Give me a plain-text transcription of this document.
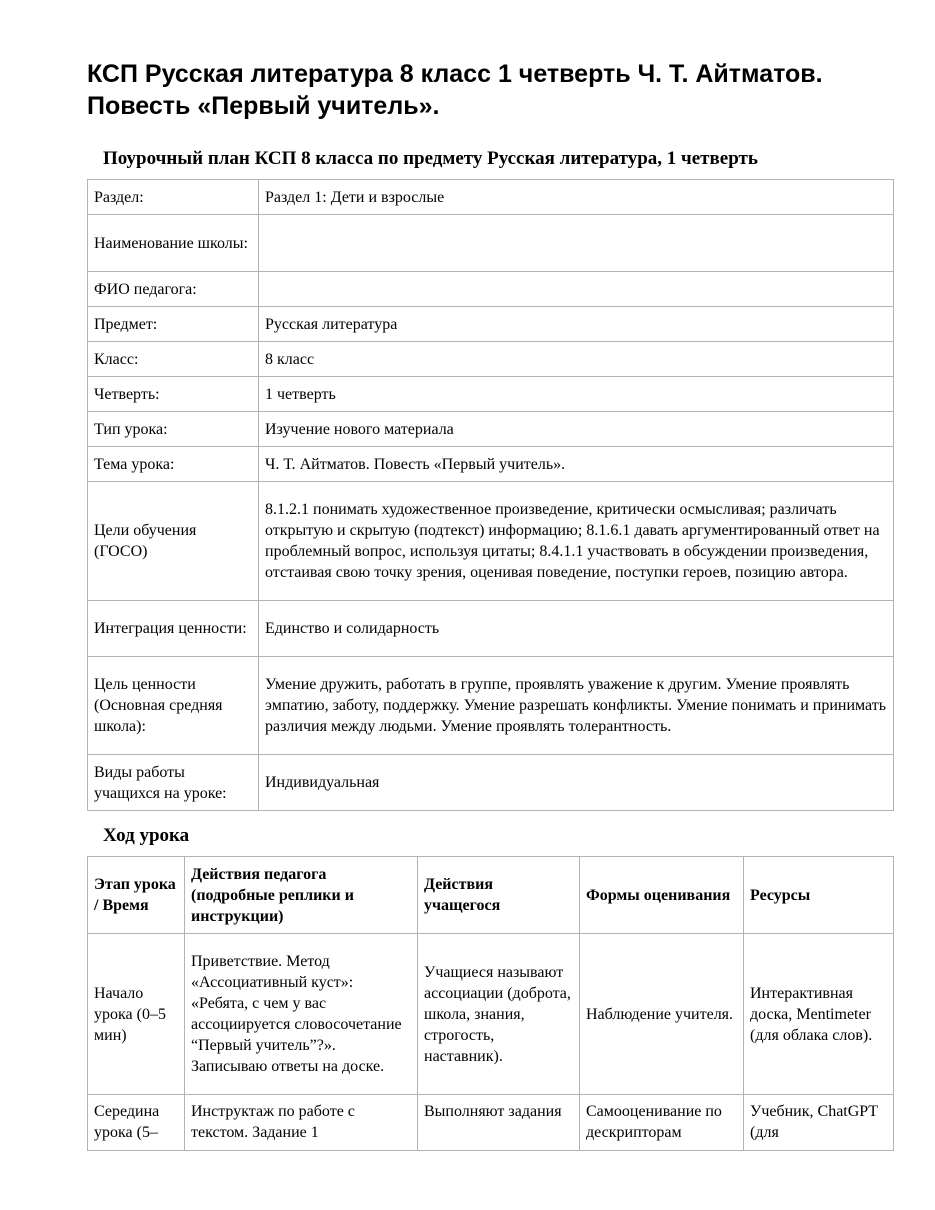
КСП Русская литература 8 класс 1 четверть Ч. Т. Айтматов. Повесть «Первый учитель».
Поурочный план КСП 8 класса по предмету Русская литература, 1 четверть
Раздел:	Раздел 1: Дети и взрослые
Наименование школы:	
ФИО педагога:	
Предмет:	Русская литература
Класс:	8 класс
Четверть:	1 четверть
Тип урока:	Изучение нового материала
Тема урока:	Ч. Т. Айтматов. Повесть «Первый учитель».
Цели обучения (ГОСО)	8.1.2.1 понимать художественное произведение, критически осмысливая; различать открытую и скрытую (подтекст) информацию; 8.1.6.1 давать аргументированный ответ на проблемный вопрос, используя цитаты; 8.4.1.1 участвовать в обсуждении произведения, отстаивая свою точку зрения, оценивая поведение, поступки героев, позицию автора.
Интеграция ценности:	Единство и солидарность
Цель ценности (Основная средняя школа):	Умение дружить, работать в группе, проявлять уважение к другим. Умение проявлять эмпатию, заботу, поддержку. Умение разрешать конфликты. Умение понимать и принимать различия между людьми. Умение проявлять толерантность.
Виды работы учащихся на уроке:	Индивидуальная
Ход урока
Этап урока / Время	Действия педагога (подробные реплики и инструкции)	Действия учащегося	Формы оценивания	Ресурсы
Начало урока (0–5 мин)	Приветствие. Метод «Ассоциативный куст»: «Ребята, с чем у вас ассоциируется словосочетание “Первый учитель”?». Записываю ответы на доске.	Учащиеся называют ассоциации (доброта, школа, знания, строгость, наставник).	Наблюдение учителя.	Интерактивная доска, Mentimeter (для облака слов).
Середина урока (5–	Инструктаж по работе с текстом. Задание 1	Выполняют задания	Самооценивание по дескрипторам	Учебник, ChatGPT (для
